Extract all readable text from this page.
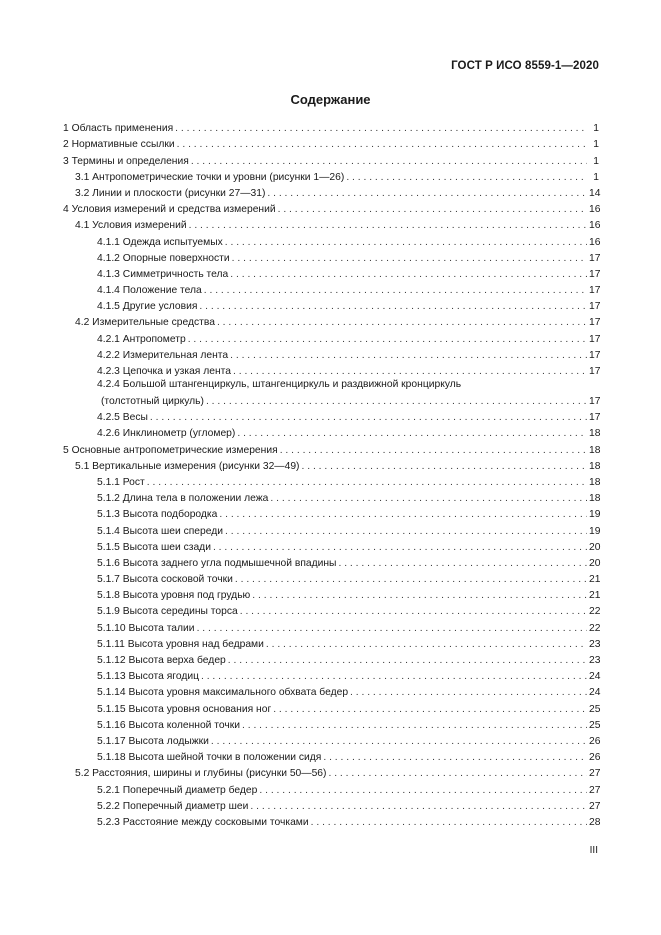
ГОСТ Р ИСО 8559-1—2020
Содержание
1 Область применения . . .	1
2 Нормативные ссылки . . .	1
3 Термины и определения . . .	1
3.1 Антропометрические точки и уровни (рисунки 1—26) . . .	1
3.2 Линии и плоскости (рисунки 27—31) . . .	14
4 Условия измерений и средства измерений . . .	16
4.1 Условия измерений . . .	16
4.1.1 Одежда испытуемых . . .	16
4.1.2 Опорные поверхности . . .	17
4.1.3 Симметричность тела . . .	17
4.1.4 Положение тела . . .	17
4.1.5 Другие условия . . .	17
4.2 Измерительные средства . . .	17
4.2.1 Антропометр . . .	17
4.2.2 Измерительная лента . . .	17
4.2.3 Цепочка и узкая лента . . .	17
4.2.4 Большой штангенциркуль, штангенциркуль и раздвижной кронциркуль
(толстотный циркуль) . . .	17
4.2.5 Весы . . .	17
4.2.6 Инклинометр (угломер) . . .	18
5 Основные антропометрические измерения . . .	18
5.1 Вертикальные измерения (рисунки 32—49) . . .	18
5.1.1 Рост . . .	18
5.1.2 Длина тела в положении лежа . . .	18
5.1.3 Высота подбородка . . .	19
5.1.4 Высота шеи спереди . . .	19
5.1.5 Высота шеи сзади . . .	20
5.1.6 Высота заднего угла подмышечной впадины . . .	20
5.1.7 Высота сосковой точки . . .	21
5.1.8 Высота уровня под грудью . . .	21
5.1.9 Высота середины торса . . .	22
5.1.10 Высота талии . . .	22
5.1.11 Высота уровня над бедрами . . .	23
5.1.12 Высота верха бедер . . .	23
5.1.13 Высота ягодиц . . .	24
5.1.14 Высота уровня максимального обхвата бедер . . .	24
5.1.15 Высота уровня основания ног . . .	25
5.1.16 Высота коленной точки . . .	25
5.1.17 Высота лодыжки . . .	26
5.1.18 Высота шейной точки в положении сидя . . .	26
5.2 Расстояния, ширины и глубины (рисунки 50—56) . . .	27
5.2.1 Поперечный диаметр бедер . . .	27
5.2.2 Поперечный диаметр шеи . . .	27
5.2.3 Расстояние между сосковыми точками . . .	28
III
